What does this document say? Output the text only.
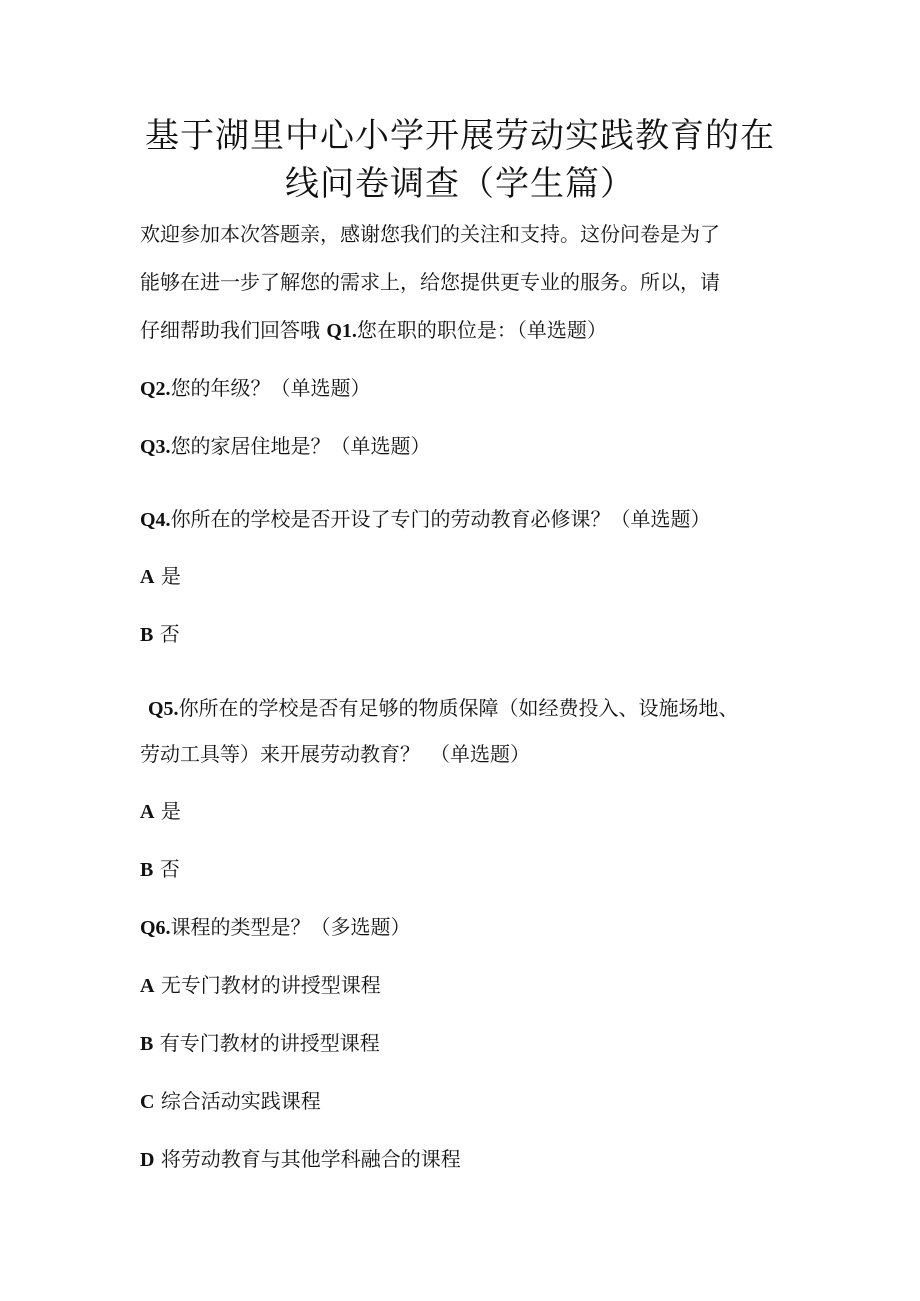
基于湖里中心小学开展劳动实践教育的在
线问卷调查（学生篇）
欢迎参加本次答题亲，感谢您我们的关注和支持。这份问卷是为了
能够在进一步了解您的需求上，给您提供更专业的服务。所以，请
仔细帮助我们回答哦 Q1.您在职的职位是：（单选题）
Q2.您的年级？（单选题）
Q3.您的家居住地是？（单选题）
Q4.你所在的学校是否开设了专门的劳动教育必修课？（单选题）
A 是
B 否
Q5.你所在的学校是否有足够的物质保障（如经费投入、设施场地、
劳动工具等）来开展劳动教育？　（单选题）
A 是
B 否
Q6.课程的类型是？（多选题）
A 无专门教材的讲授型课程
B 有专门教材的讲授型课程
C 综合活动实践课程
D 将劳动教育与其他学科融合的课程
